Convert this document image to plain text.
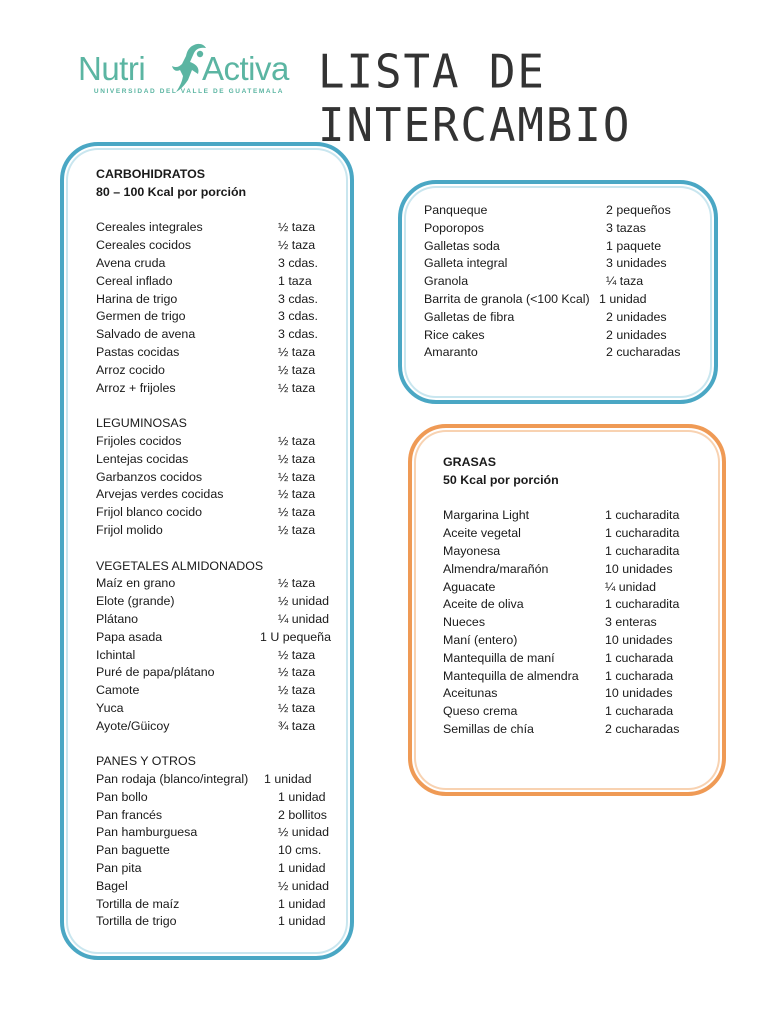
Nutri Activa
UNIVERSIDAD DEL VALLE DE GUATEMALA LISTA DE INTERCAMBIO
CARBOHIDRATOS
80 – 100 Kcal por porción
Cereales integrales	½ taza
Cereales cocidos	½ taza
Avena cruda	3 cdas.
Cereal inflado	1 taza
Harina de trigo	3 cdas.
Germen de trigo	3 cdas.
Salvado de avena	3 cdas.
Pastas cocidas	½ taza
Arroz cocido	½ taza
Arroz + frijoles	½ taza
LEGUMINOSAS
Frijoles cocidos	½ taza
Lentejas cocidas	½ taza
Garbanzos cocidos	½ taza
Arvejas verdes cocidas	½ taza
Frijol blanco cocido	½ taza
Frijol molido	½ taza
VEGETALES ALMIDONADOS
Maíz en grano	½ taza
Elote (grande)	½ unidad
Plátano	¼ unidad
Papa asada	1 U pequeña
Ichintal	½ taza
Puré de papa/plátano	½ taza
Camote	½ taza
Yuca	½ taza
Ayote/Güicoy	¾ taza
PANES Y OTROS
Pan rodaja (blanco/integral) 1 unidad
Pan bollo	1 unidad
Pan francés	2 bollitos
Pan hamburguesa	½ unidad
Pan baguette	10 cms.
Pan pita	1 unidad
Bagel	½ unidad
Tortilla de maíz	1 unidad
Tortilla de trigo	1 unidad
Panqueque	2 pequeños
Poporopos	3 tazas
Galletas soda	1 paquete
Galleta integral	3 unidades
Granola	¼ taza
Barrita de granola (<100 Kcal) 1 unidad
Galletas de fibra	2 unidades
Rice cakes	2 unidades
Amaranto	2 cucharadas
GRASAS
50 Kcal por porción
Margarina Light	1 cucharadita
Aceite vegetal	1 cucharadita
Mayonesa	1 cucharadita
Almendra/marañón	10 unidades
Aguacate	¼ unidad
Aceite de oliva	1 cucharadita
Nueces	3 enteras
Maní (entero)	10 unidades
Mantequilla de maní	1 cucharada
Mantequilla de almendra 1 cucharada
Aceitunas	10 unidades
Queso crema	1 cucharada
Semillas de chía	2 cucharadas
